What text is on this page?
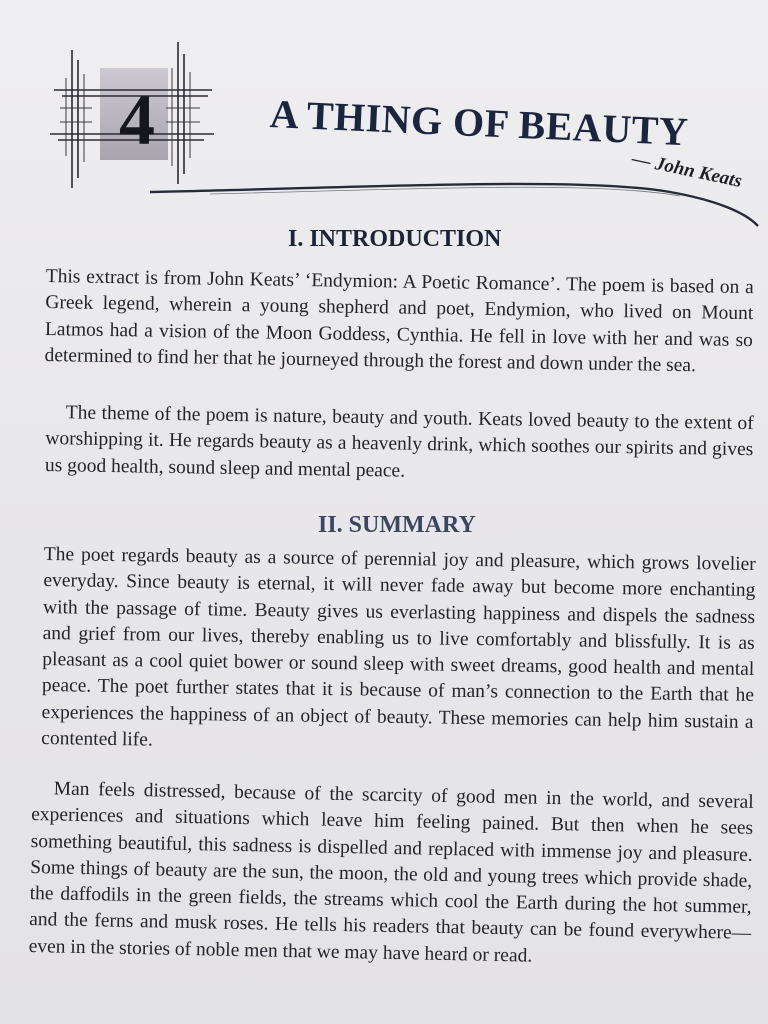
4	A THING OF BEAUTY
— John Keats
I. INTRODUCTION

This extract is from John Keats’ ‘Endymion: A Poetic Romance’. The poem is based on a Greek legend, wherein a young shepherd and poet, Endymion, who lived on Mount Latmos had a vision of the Moon Goddess, Cynthia. He fell in love with her and was so determined to find her that he journeyed through the forest and down under the sea.

The theme of the poem is nature, beauty and youth. Keats loved beauty to the extent of worshipping it. He regards beauty as a heavenly drink, which soothes our spirits and gives us good health, sound sleep and mental peace.

II. SUMMARY

The poet regards beauty as a source of perennial joy and pleasure, which grows lovelier everyday. Since beauty is eternal, it will never fade away but become more enchanting with the passage of time. Beauty gives us everlasting happiness and dispels the sadness and grief from our lives, thereby enabling us to live comfortably and blissfully. It is as pleasant as a cool quiet bower or sound sleep with sweet dreams, good health and mental peace. The poet further states that it is because of man’s connection to the Earth that he experiences the happiness of an object of beauty. These memories can help him sustain a contented life.

Man feels distressed, because of the scarcity of good men in the world, and several experiences and situations which leave him feeling pained. But then when he sees something beautiful, this sadness is dispelled and replaced with immense joy and pleasure. Some things of beauty are the sun, the moon, the old and young trees which provide shade, the daffodils in the green fields, the streams which cool the Earth during the hot summer, and the ferns and musk roses. He tells his readers that beauty can be found everywhere—even in the stories of noble men that we may have heard or read.
